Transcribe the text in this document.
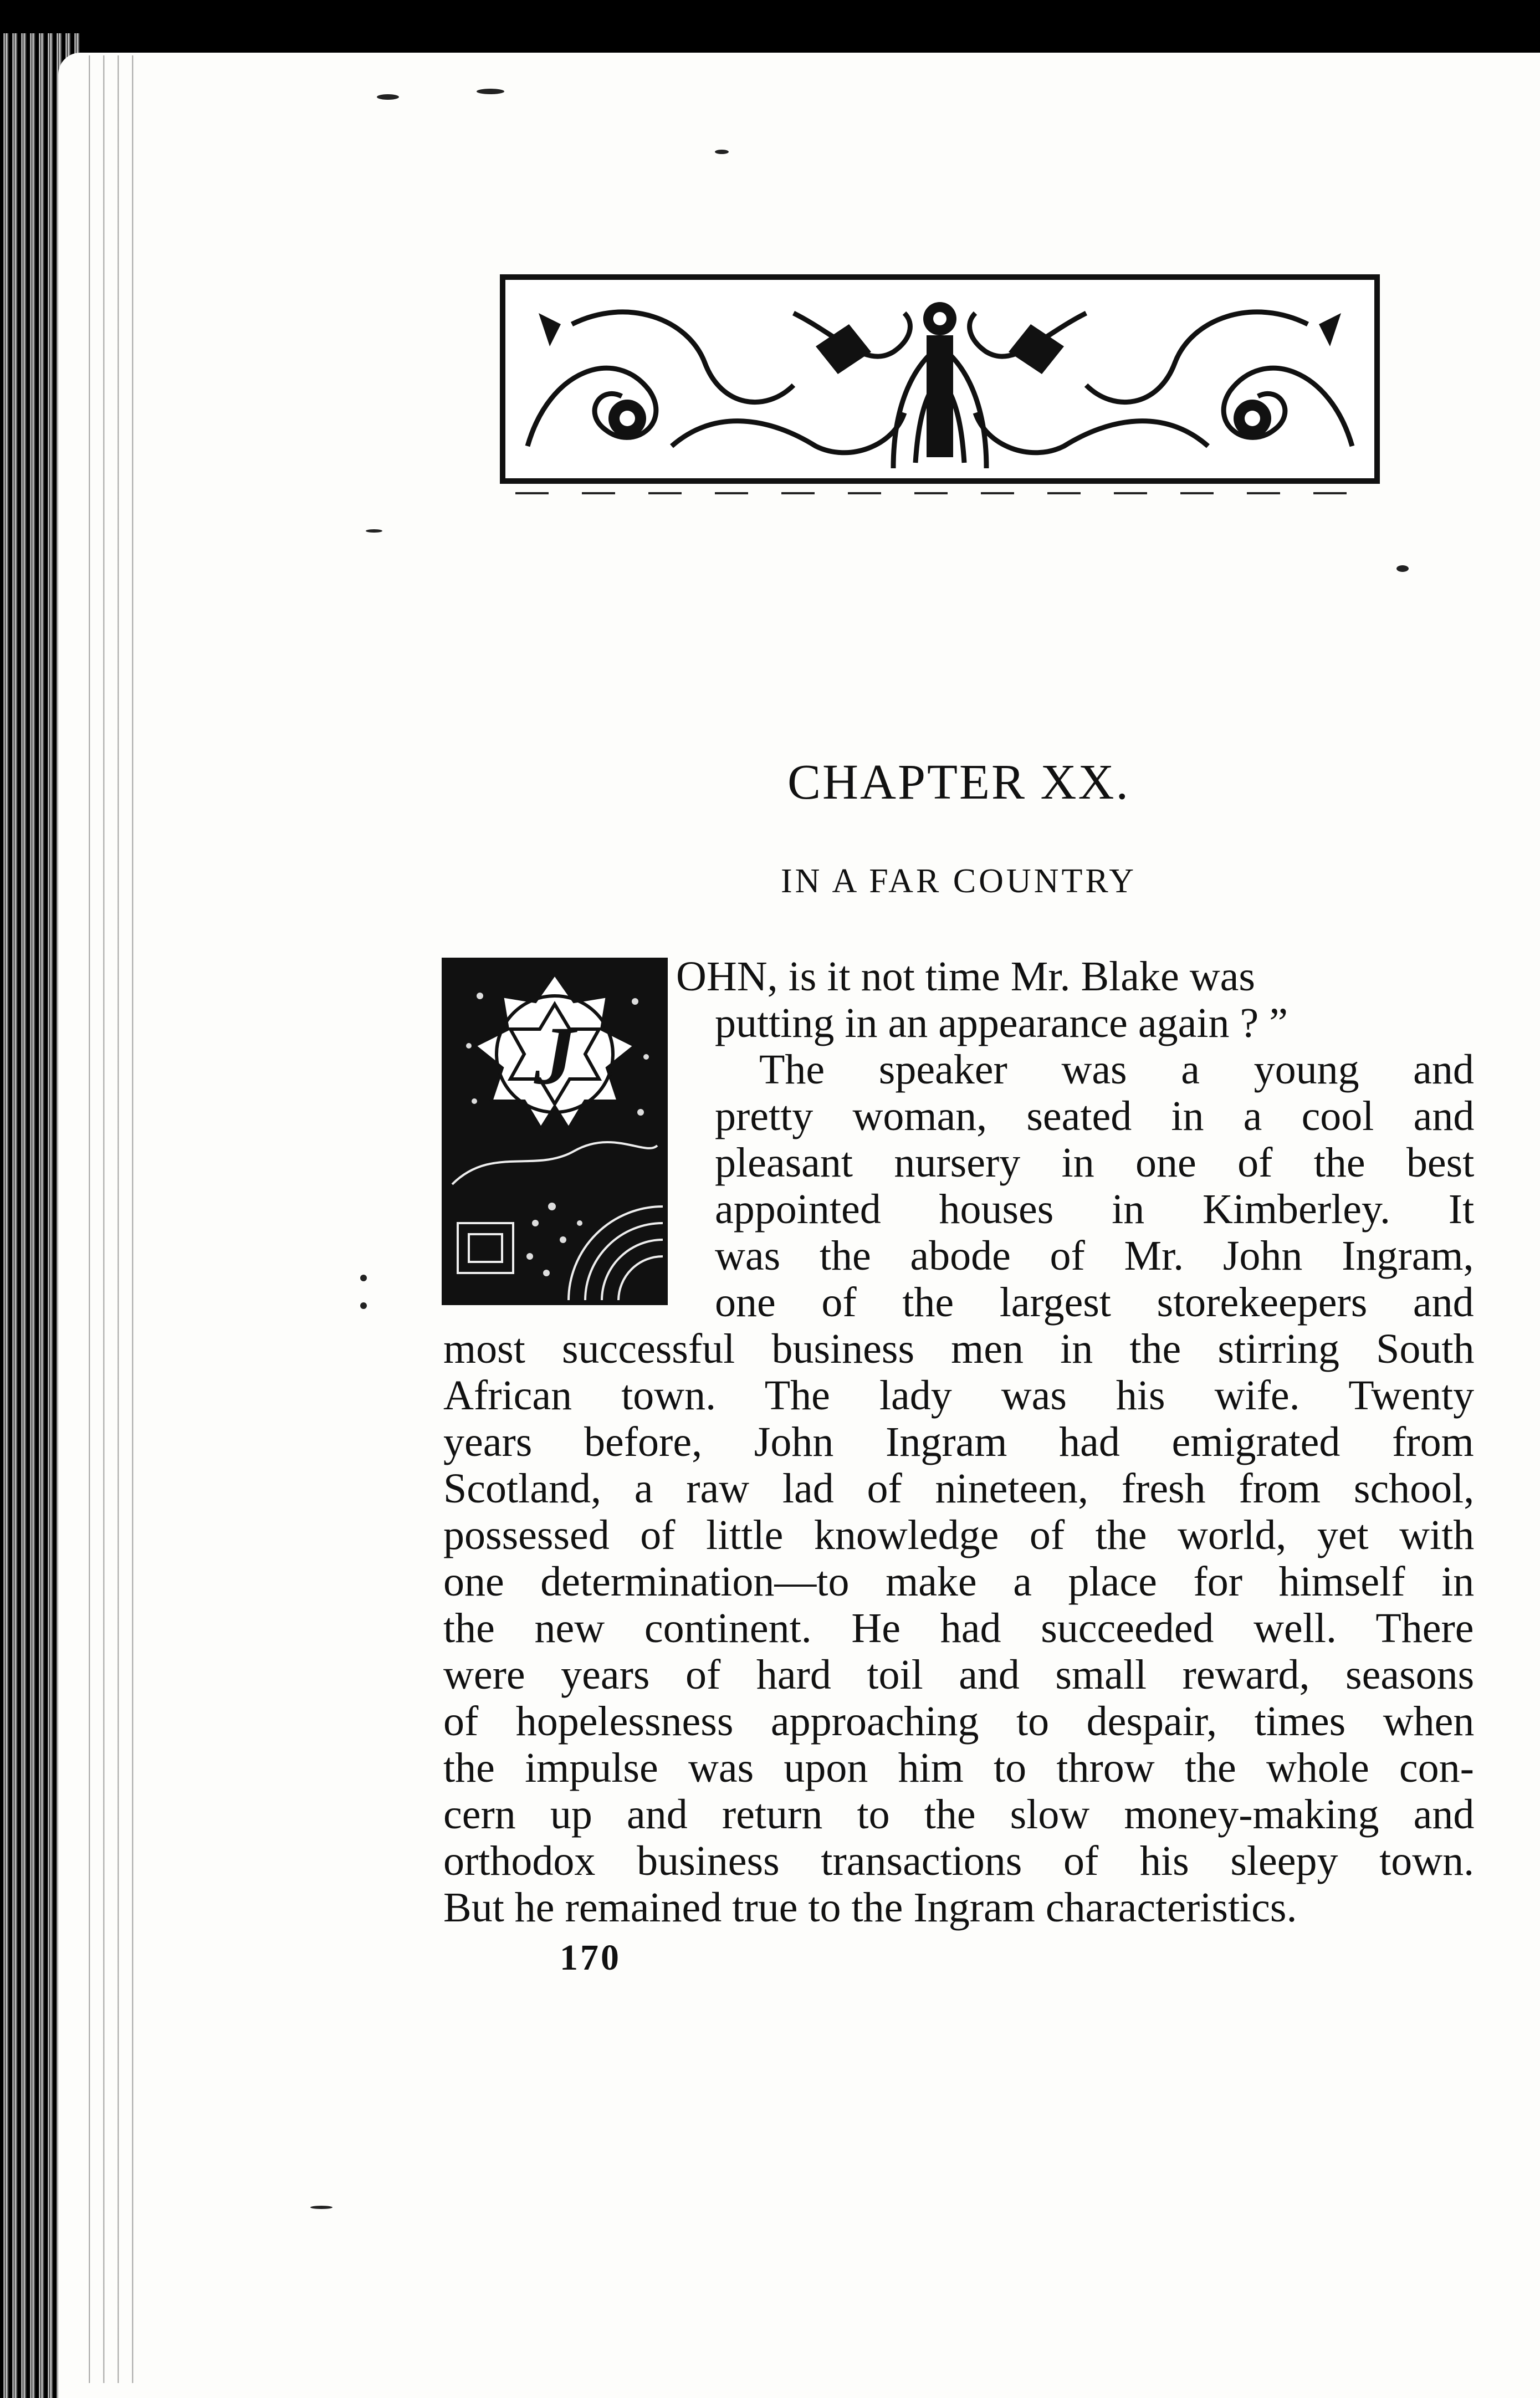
CHAPTER XX.
IN A FAR COUNTRY
J
OHN, is it not time Mr. Blake was
putting in an appearance again ? ”
The speaker was a young and
pretty woman, seated in a cool and
pleasant nursery in one of the best
appointed houses in Kimberley. It
was the abode of Mr. John Ingram,
one of the largest storekeepers and
most successful business men in the stirring South
African town. The lady was his wife. Twenty
years before, John Ingram had emigrated from
Scotland, a raw lad of nineteen, fresh from school,
possessed of little knowledge of the world, yet with
one determination—to make a place for himself in
the new continent. He had succeeded well. There
were years of hard toil and small reward, seasons
of hopelessness approaching to despair, times when
the impulse was upon him to throw the whole con-
cern up and return to the slow money-making and
orthodox business transactions of his sleepy town.
But he remained true to the Ingram characteristics.
170
